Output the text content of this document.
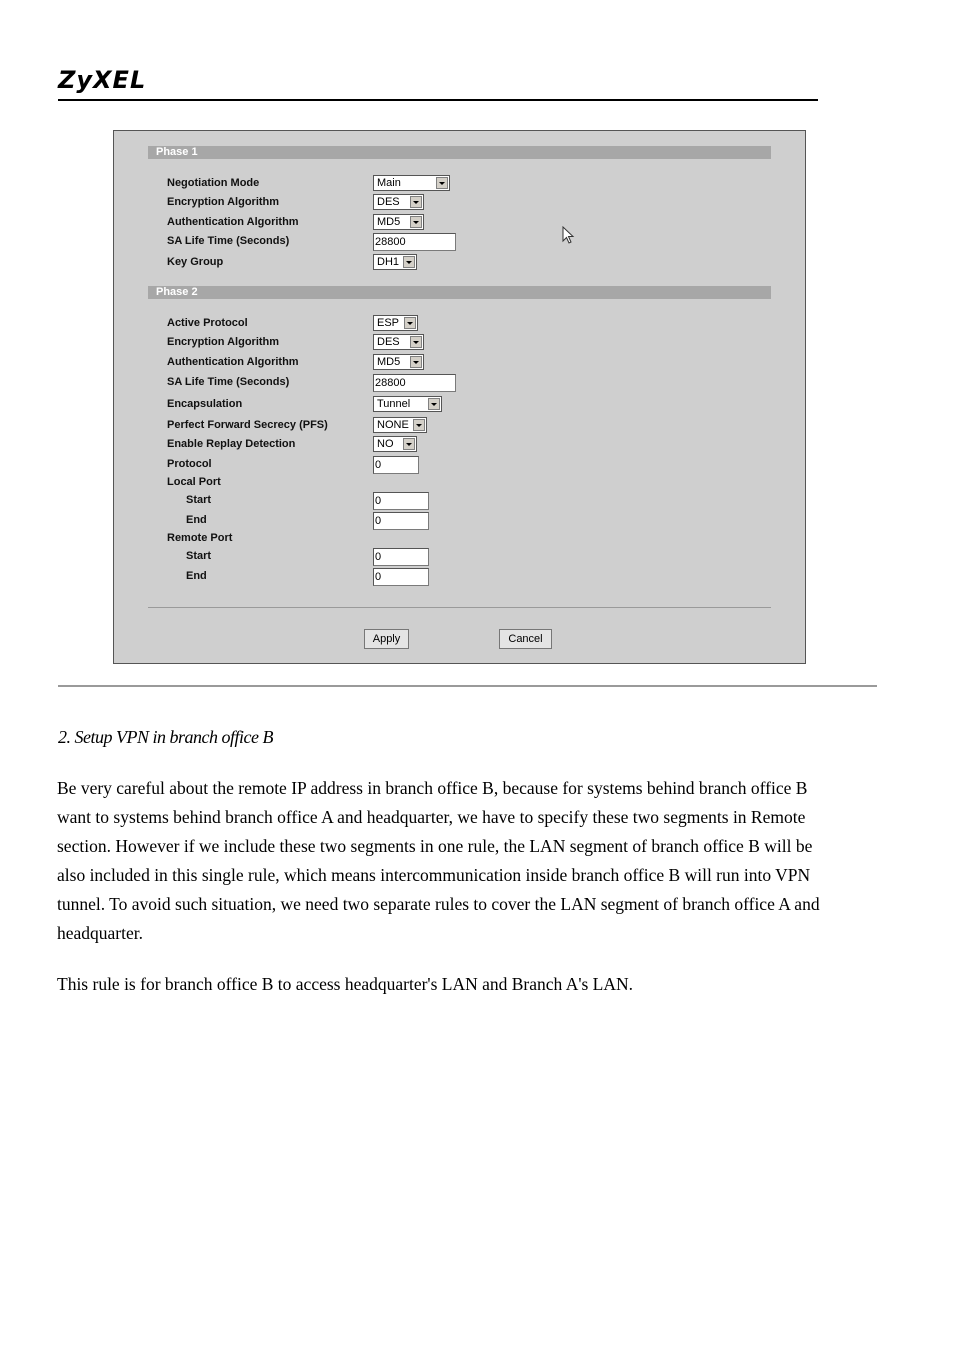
ZyXEL
Phase 1
Negotiation Mode	Main
Encryption Algorithm	DES
Authentication Algorithm	MD5
SA Life Time (Seconds)	28800
Key Group	DH1
Phase 2
Active Protocol	ESP
Encryption Algorithm	DES
Authentication Algorithm	MD5
SA Life Time (Seconds)	28800
Encapsulation	Tunnel
Perfect Forward Secrecy (PFS)	NONE
Enable Replay Detection	NO
Protocol	0
Local Port
Start	0
End	0
Remote Port
Start	0
End	0
Apply	Cancel
2. Setup VPN in branch office B

Be very careful about the remote IP address in branch office B, because for systems behind branch office B
want to systems behind branch office A and headquarter, we have to specify these two segments in Remote
section. However if we include these two segments in one rule, the LAN segment of branch office B will be
also included in this single rule, which means intercommunication inside branch office B will run into VPN
tunnel. To avoid such situation, we need two separate rules to cover the LAN segment of branch office A and
headquarter.

This rule is for branch office B to access headquarter's LAN and Branch A's LAN.
